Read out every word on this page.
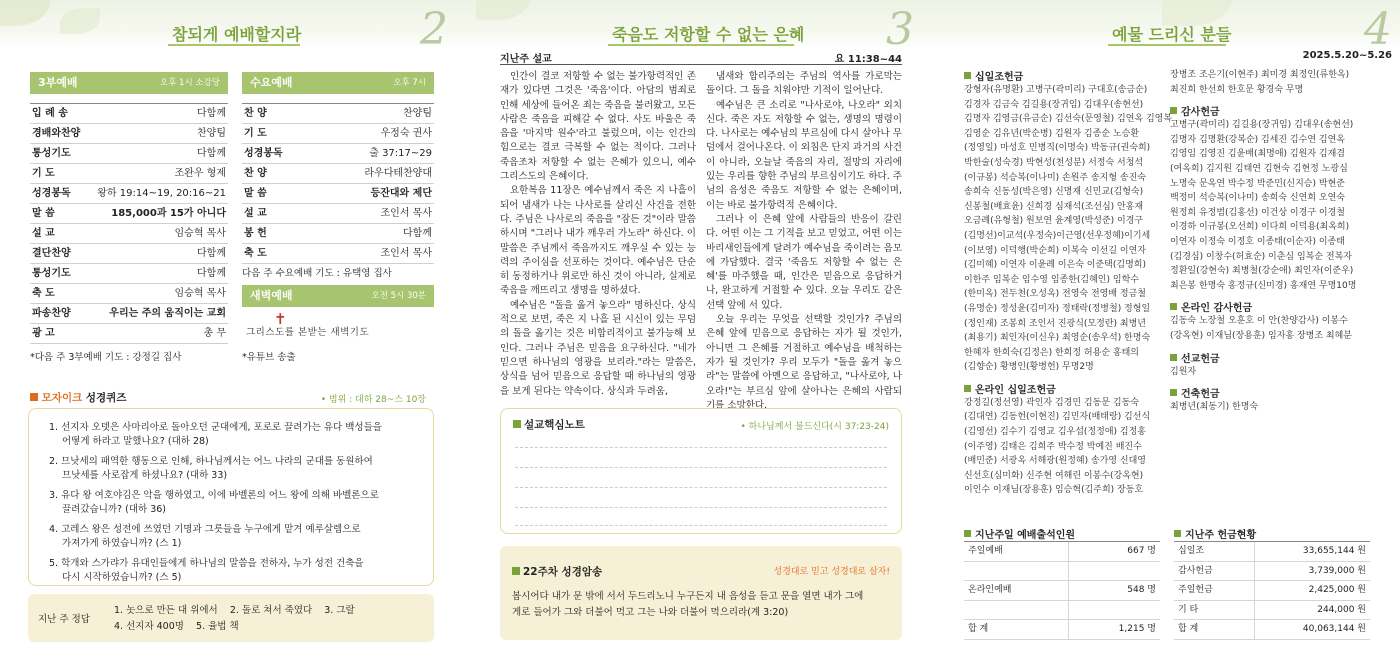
참되게 예배할지라	2
3부예배	오후 1시 소강당
입 례 송	다함께
경배와찬양	찬양팀
통성기도	다함께
기 도	조완우 형제
성경봉독	왕하 19:14~19, 20:16~21
말 씀	185,000과 15가 아니다
설 교	임승혁 목사
결단찬양	다함께
통성기도	다함께
축 도	임승혁 목사
파송찬양	우리는 주의 움직이는 교회
광 고	총 무
*다음 주 3부예배 기도 : 강정길 집사
수요예배	오후 7시
찬 양	찬양팀
기 도	우정숙 권사
성경봉독	출 37:17~29
찬 양	라우다테찬양대
말 씀	등잔대와 제단
설 교	조인서 목사
봉 헌	다함께
축 도	조인서 목사
다음 주 수요예배 기도 : 유택영 집사
새벽예배	오전 5시 30분
✝
그리스도를 본받는 새벽기도
*유튜브 송출
모자이크 성경퀴즈	• 범위 : 대하 28~스 10장
1. 선지자 오뎃은 사마리아로 돌아오던 군대에게, 포로로 끌려가는 유다 백성들을
어떻게 하라고 말했나요? (대하 28)
2. 므낫세의 패역한 행동으로 인해, 하나님께서는 어느 나라의 군대를 동원하여
므낫세를 사로잡게 하셨나요? (대하 33)
3. 유다 왕 여호야김은 악을 행하였고, 이에 바벨론의 어느 왕에 의해 바벨론으로
끌려갔습니까? (대하 36)
4. 고레스 왕은 성전에 쓰였던 기명과 그릇들을 누구에게 맡겨 예루살렘으로
가져가게 하였습니까? (스 1)
5. 학개와 스가랴가 유대인들에게 하나님의 말씀을 전하자, 누가 성전 건축을
다시 시작하였습니까? (스 5)
지난 주 정답
1. 놋으로 만든 대 위에서    2. 돌로 쳐서 죽였다    3. 그랄
4. 선지자 400명    5. 율법 책
죽음도 저항할 수 없는 은혜 3
지난주 설교	요 11:38~44

인간이 결코 저항할 수 없는 불가항력적인 존재가 있다면 그것은 '죽음'이다. 아담의 범죄로 인해 세상에 들어온 죄는 죽음을 불러왔고, 모든 사람은 죽음을 피해갈 수 없다. 사도 바울은 죽음을 '마지막 원수'라고 불렀으며, 이는 인간의 힘으로는 결코 극복할 수 없는 적이다. 그러나 죽음조차 저항할 수 없는 은혜가 있으니, 예수 그리스도의 은혜이다.

요한복음 11장은 예수님께서 죽은 지 나흘이 되어 냄새가 나는 나사로를 살리신 사건을 전한다. 주님은 나사로의 죽음을 "잠든 것"이라 말씀하시며 "그러나 내가 깨우러 가노라" 하신다. 이 말씀은 주님께서 죽음까지도 깨우실 수 있는 능력의 주이심을 선포하는 것이다. 예수님은 단순히 동정하거나 위로만 하신 것이 아니라, 실제로 죽음을 깨뜨리고 생명을 명하셨다.

예수님은 "돌을 옮겨 놓으라" 명하신다. 상식적으로 보면, 죽은 지 나흘 된 시신이 있는 무덤의 돌을 옮기는 것은 비합리적이고 불가능해 보인다. 그러나 주님은 믿음을 요구하신다. "네가 믿으면 하나님의 영광을 보리라."라는 말씀은, 상식을 넘어 믿음으로 응답할 때 하나님의 영광을 보게 된다는 약속이다. 상식과 두려움,

냄새와 합리주의는 주님의 역사를 가로막는 돌이다. 그 돌을 치워야만 기적이 일어난다.

예수님은 큰 소리로 "나사로야, 나오라" 외치신다. 죽은 자도 저항할 수 없는, 생명의 명령이다. 나사로는 예수님의 부르심에 다시 살아나 무덤에서 걸어나온다. 이 외침은 단지 과거의 사건이 아니라, 오늘날 죽음의 자리, 절망의 자리에 있는 우리를 향한 주님의 부르심이기도 하다. 주님의 음성은 죽음도 저항할 수 없는 은혜이며, 이는 바로 불가항력적 은혜이다.

그러나 이 은혜 앞에 사람들의 반응이 갈린다. 어떤 이는 그 기적을 보고 믿었고, 어떤 이는 바리새인들에게 달려가 예수님을 죽이려는 음모에 가담했다. 결국 '죽음도 저항할 수 없는 은혜'를 마주했을 때, 인간은 믿음으로 응답하거나, 완고하게 거절할 수 있다. 오늘 우리도 같은 선택 앞에 서 있다.

오늘 우리는 무엇을 선택할 것인가? 주님의 은혜 앞에 믿음으로 응답하는 자가 될 것인가, 아니면 그 은혜를 거절하고 예수님을 배척하는 자가 될 것인가? 우리 모두가 "돌을 옮겨 놓으라"는 말씀에 아멘으로 응답하고, "나사로야, 나오라!"는 부르심 앞에 살아나는 은혜의 사람되기를 소망한다.

설교핵심노트	• 하나님께서 불드신다(시 37:23-24)
22주차 성경암송	성경대로 믿고 성경대로 살자!
봅시어다 내가 문 밖에 서서 두드리노니 누구든지 내 음성을 듣고 문을 열면 내가 그에
게로 들어가 그와 더불어 먹고 그는 나와 더불어 먹으리라(계 3:20)
예물 드리신 분들	4
2025.5.20~5.26
십일조헌금
강형자(유명환) 고병구(곽미리) 구대호(송금순)
김경자 김금숙 김길용(장귀임) 김대우(송현선)
김명자 김영금(유금순) 김선숙(문영철) 김연옥 김영복
김영순 김유년(박순병) 김원자 김종순 노승환
(정영일) 마성호 민병직(이명숙) 박동규(권숙희)
박한술(성숙경) 박현성(천성분) 서정숙 서청석
(이규봉) 석승복(이나미) 손원주 송지형 송진숙
송희숙 신동성(박은영) 신명재 신민교(김형숙)
신봉철(배효윤) 신희경 심재석(조선심) 안홍재
오금례(유형철) 원보연 윤계영(박성준) 이경구
(김명선)이교석(우정숙)이근영(선우정혜)이기세
(이보영) 이덕행(박순희) 이복숙 이선길 이연자
(김미혜) 이연자 이윤례 이은숙 이준택(김명희)
이한주 임복순 임수영 임종한(김혜인) 임학수
(한미옥) 전두천(오성옥) 전영숙 전영배 정금철
(유명순) 정성윤(김미자) 정태락(정병철) 정형일
(정인재) 조봉희 조인서 진광식(모정란) 최병년
(최용기) 최인자(이신우) 최영순(송우석) 한명숙
한혜자 한희숙(김정은) 한희정 허용순 홍태의
(김향순) 황병인(황병헌) 무명2명
온라인 십일조헌금
강정길(정선영) 곽인자 김경민 김동문 김동숙
(김대연) 김동헌(이현진) 김민자(배태랑) 김선식
(김영선) 김수기 김영교 김우섭(정정애) 김정홍
(이주영) 김태은 김희주 박수정 박예진 배진수
(배민준) 서광옥 서해광(원정혜) 송가영 신대영
신선호(심미화) 신주현 여해린 이봉수(강옥현)
이인수 이재님(장용훈) 임승혁(김주희) 장동호
장병조 조은기(이현주) 최미경 최정인(류한옥)
최진희 한선희 한호문 황경숙 무명
감사헌금
고병구(곽미리) 김길용(장귀임) 김대우(송현선)
김명자 김명환(강복순) 김세진 김수연 김연옥
김영임 김영진 김윤배(최명애) 김원자 김재겸
(여옥희) 김지원 김태연 김현숙 김현정 노광심
노명숙 문옥연 박수정 박준민(신지승) 박현준
백정미 석승복(이나미) 송희숙 신연희 오연숙
원정희 유정범(김홍선) 이건상 이경구 이경철
이경하 이규봉(오선희) 이다희 이덕용(최옥희)
이연자 이정숙 이정호 이종태(이순자) 이종태
(김경심) 이창수(허효순) 이춘심 임복순 전복자
정환일(강현숙) 최병철(강순애) 최인자(이준우)
최은봉 한명숙 홍정규(신미경) 홍재연 무명10명
온라인 감사헌금
김동숙 노장철 오훈호 이 안(찬양감사) 이봉수
(강옥현) 이재님(장용훈) 임자홍 장병조 최혜분
선교헌금
김원자
건축헌금
최병년(최동기) 한명숙
지난주일 예배출석인원
주일예배	667 명
온라인예배	548 명
합 계	1,215 명
지난주 헌금현황
십일조	33,655,144 원
감사헌금	3,739,000 원
주일헌금	2,425,000 원
기 타	244,000 원
합 계	40,063,144 원
